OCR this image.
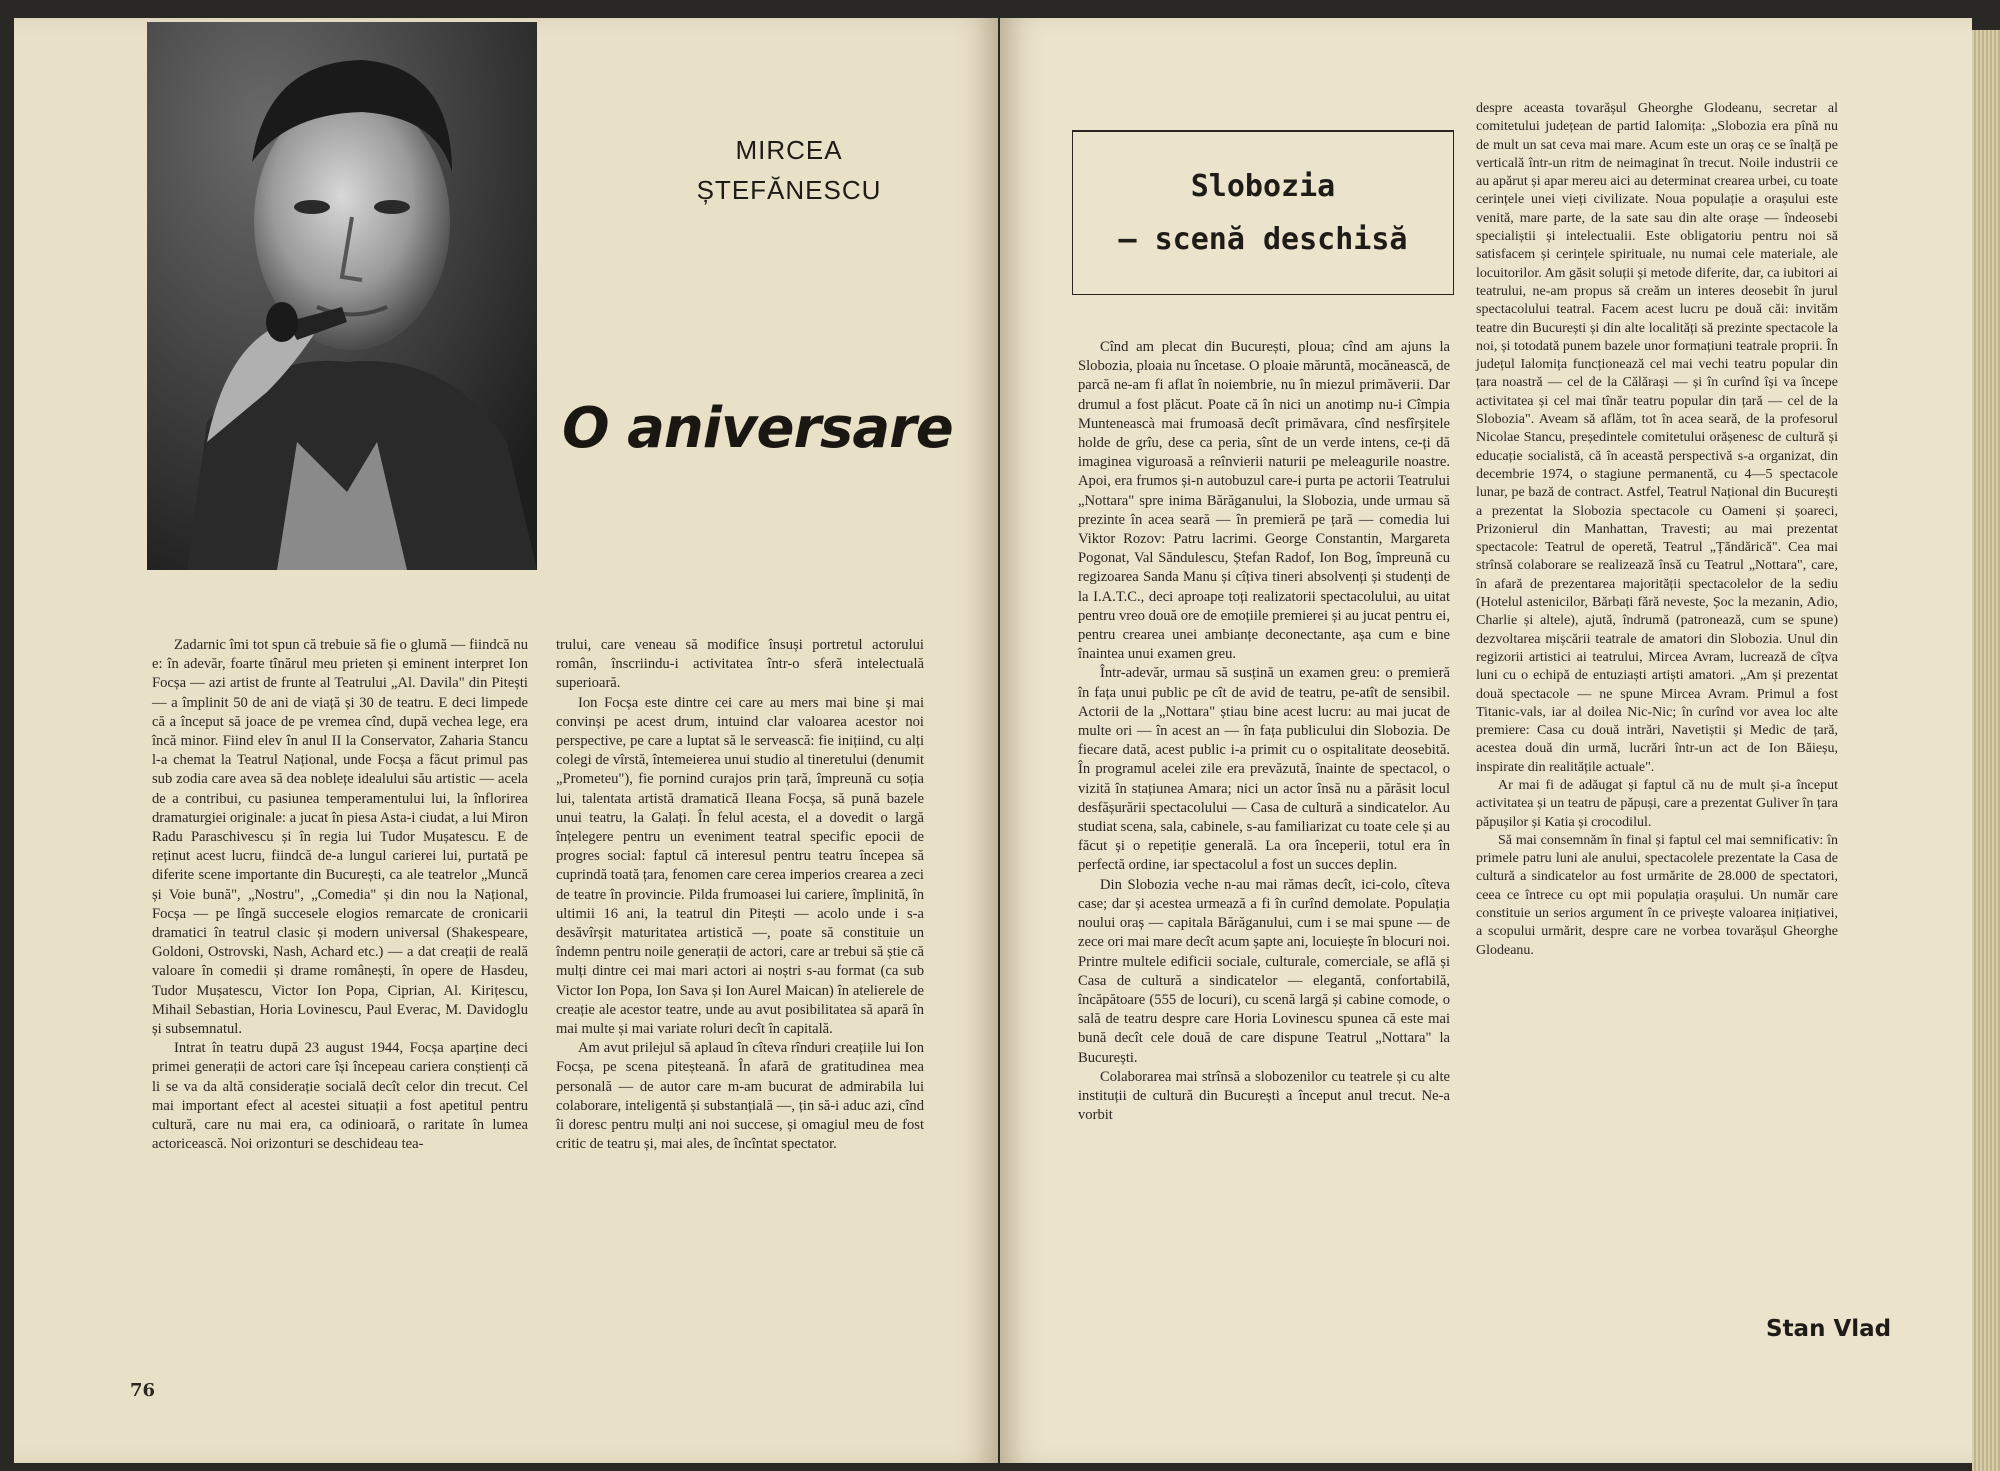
MIRCEA ȘTEFĂNESCU
O aniversare

Zadarnic îmi tot spun că trebuie să fie o glumă — fiindcă nu e: în adevăr, foarte tînărul meu prieten și eminent interpret Ion Focșa — azi artist de frunte al Teatrului „Al. Davila" din Pitești — a împlinit 50 de ani de viață și 30 de teatru. E deci limpede că a început să joace de pe vremea cînd, după vechea lege, era încă minor. Fiind elev în anul II la Conservator, Zaharia Stancu l-a chemat la Teatrul Național, unde Focșa a făcut primul pas sub zodia care avea să dea noblețe idealului său artistic — acela de a contribui, cu pasiunea temperamentului lui, la înflorirea dramaturgiei originale: a jucat în piesa Asta-i ciudat, a lui Miron Radu Paraschivescu și în regia lui Tudor Mușatescu. E de reținut acest lucru, fiindcă de-a lungul carierei lui, purtată pe diferite scene importante din București, ca ale teatrelor „Muncă și Voie bună", „Nostru", „Comedia" și din nou la Național, Focșa — pe lîngă succesele elogios remarcate de cronicarii dramatici în teatrul clasic și modern universal (Shakespeare, Goldoni, Ostrovski, Nash, Achard etc.) — a dat creații de reală valoare în comedii și drame românești, în opere de Hasdeu, Tudor Mușatescu, Victor Ion Popa, Ciprian, Al. Kirițescu, Mihail Sebastian, Horia Lovinescu, Paul Everac, M. Davidoglu și subsemnatul.

Intrat în teatru după 23 august 1944, Focșa aparține deci primei generații de actori care își începeau cariera conștienți că li se va da altă considerație socială decît celor din trecut. Cel mai important efect al acestei situații a fost apetitul pentru cultură, care nu mai era, ca odinioară, o raritate în lumea actoricească. Noi orizonturi se deschideau tea-

trului, care veneau să modifice însuși portretul actorului român, înscriindu-i activitatea într-o sferă intelectuală superioară.

Ion Focșa este dintre cei care au mers mai bine și mai convinși pe acest drum, intuind clar valoarea acestor noi perspective, pe care a luptat să le servească: fie inițiind, cu alți colegi de vîrstă, întemeierea unui studio al tineretului (denumit „Prometeu"), fie pornind curajos prin țară, împreună cu soția lui, talentata artistă dramatică Ileana Focșa, să pună bazele unui teatru, la Galați. În felul acesta, el a dovedit o largă înțelegere pentru un eveniment teatral specific epocii de progres social: faptul că interesul pentru teatru începea să cuprindă toată țara, fenomen care cerea imperios crearea a zeci de teatre în provincie. Pilda frumoasei lui cariere, împlinită, în ultimii 16 ani, la teatrul din Pitești — acolo unde i s-a desăvîrșit maturitatea artistică —, poate să constituie un îndemn pentru noile generații de actori, care ar trebui să știe că mulți dintre cei mai mari actori ai noștri s-au format (ca sub Victor Ion Popa, Ion Sava și Ion Aurel Maican) în atelierele de creație ale acestor teatre, unde au avut posibilitatea să apară în mai multe și mai variate roluri decît în capitală.

Am avut prilejul să aplaud în cîteva rînduri creațiile lui Ion Focșa, pe scena piteșteană. În afară de gratitudinea mea personală — de autor care m-am bucurat de admirabila lui colaborare, inteligentă și substanțială —, țin să-i aduc azi, cînd îi doresc pentru mulți ani noi succese, și omagiul meu de fost critic de teatru și, mai ales, de încîntat spectator.

76
Slobozia
— scenă deschisă

Cînd am plecat din București, ploua; cînd am ajuns la Slobozia, ploaia nu încetase. O ploaie măruntă, mocănească, de parcă ne-am fi aflat în noiembrie, nu în miezul primăverii. Dar drumul a fost plăcut. Poate că în nici un anotimp nu-i Cîmpia Munteneascà mai frumoasă decît primăvara, cînd nesfîrșitele holde de grîu, dese ca peria, sînt de un verde intens, ce-ți dă imaginea viguroasă a reînvierii naturii pe meleagurile noastre. Apoi, era frumos și-n autobuzul care-i purta pe actorii Teatrului „Nottara" spre inima Bărăganului, la Slobozia, unde urmau să prezinte în acea seară — în premieră pe țară — comedia lui Viktor Rozov: Patru lacrimi. George Constantin, Margareta Pogonat, Val Săndulescu, Ștefan Radof, Ion Bog, împreună cu regizoarea Sanda Manu și cîțiva tineri absolvenți și studenți de la I.A.T.C., deci aproape toți realizatorii spectacolului, au uitat pentru vreo două ore de emoțiile premierei și au jucat pentru ei, pentru crearea unei ambianțe deconectante, așa cum e bine înaintea unui examen greu.

Într-adevăr, urmau să susțină un examen greu: o premieră în fața unui public pe cît de avid de teatru, pe-atît de sensibil. Actorii de la „Nottara" știau bine acest lucru: au mai jucat de multe ori — în acest an — în fața publicului din Slobozia. De fiecare dată, acest public i-a primit cu o ospitalitate deosebită. În programul acelei zile era prevăzută, înainte de spectacol, o vizită în stațiunea Amara; nici un actor însă nu a părăsit locul desfășurării spectacolului — Casa de cultură a sindicatelor. Au studiat scena, sala, cabinele, s-au familiarizat cu toate cele și au făcut și o repetiție generală. La ora începerii, totul era în perfectă ordine, iar spectacolul a fost un succes deplin.

Din Slobozia veche n-au mai rămas decît, ici-colo, cîteva case; dar și acestea urmează a fi în curînd demolate. Populația noului oraș — capitala Bărăganului, cum i se mai spune — de zece ori mai mare decît acum șapte ani, locuiește în blocuri noi. Printre multele edificii sociale, culturale, comerciale, se află și Casa de cultură a sindicatelor — elegantă, confortabilă, încăpătoare (555 de locuri), cu scenă largă și cabine comode, o sală de teatru despre care Horia Lovinescu spunea că este mai bună decît cele două de care dispune Teatrul „Nottara" la București.

Colaborarea mai strînsă a slobozenilor cu teatrele și cu alte instituții de cultură din București a început anul trecut. Ne-a vorbit

despre aceasta tovarășul Gheorghe Glodeanu, secretar al comitetului județean de partid Ialomița: „Slobozia era pînă nu de mult un sat ceva mai mare. Acum este un oraș ce se înalță pe verticală într-un ritm de neimaginat în trecut. Noile industrii ce au apărut și apar mereu aici au determinat crearea urbei, cu toate cerințele unei vieți civilizate. Noua populație a orașului este venită, mare parte, de la sate sau din alte orașe — îndeosebi specialiștii și intelectualii. Este obligatoriu pentru noi să satisfacem și cerințele spirituale, nu numai cele materiale, ale locuitorilor. Am găsit soluții și metode diferite, dar, ca iubitori ai teatrului, ne-am propus să creăm un interes deosebit în jurul spectacolului teatral. Facem acest lucru pe două căi: invităm teatre din București și din alte localități să prezinte spectacole la noi, și totodată punem bazele unor formațiuni teatrale proprii. În județul Ialomița funcționează cel mai vechi teatru popular din țara noastră — cel de la Călărași — și în curînd își va începe activitatea și cel mai tînăr teatru popular din țară — cel de la Slobozia". Aveam să aflăm, tot în acea seară, de la profesorul Nicolae Stancu, președintele comitetului orășenesc de cultură și educație socialistă, că în această perspectivă s-a organizat, din decembrie 1974, o stagiune permanentă, cu 4—5 spectacole lunar, pe bază de contract. Astfel, Teatrul Național din București a prezentat la Slobozia spectacole cu Oameni și șoareci, Prizonierul din Manhattan, Travesti; au mai prezentat spectacole: Teatrul de operetă, Teatrul „Țăndărică". Cea mai strînsă colaborare se realizează însă cu Teatrul „Nottara", care, în afară de prezentarea majorității spectacolelor de la sediu (Hotelul astenicilor, Bărbați fără neveste, Șoc la mezanin, Adio, Charlie și altele), ajută, îndrumă (patronează, cum se spune) dezvoltarea mișcării teatrale de amatori din Slobozia. Unul din regizorii artistici ai teatrului, Mircea Avram, lucrează de cîțva luni cu o echipă de entuziaști artiști amatori. „Am și prezentat două spectacole — ne spune Mircea Avram. Primul a fost Titanic-vals, iar al doilea Nic-Nic; în curînd vor avea loc alte premiere: Casa cu două intrări, Navetiștii și Medic de țară, acestea două din urmă, lucrări într-un act de Ion Băieșu, inspirate din realitățile actuale".

Ar mai fi de adăugat și faptul că nu de mult și-a început activitatea și un teatru de păpuși, care a prezentat Guliver în țara păpușilor și Katia și crocodilul.

Să mai consemnăm în final și faptul cel mai semnificativ: în primele patru luni ale anului, spectacolele prezentate la Casa de cultură a sindicatelor au fost urmărite de 28.000 de spectatori, ceea ce întrece cu opt mii populația orașului. Un număr care constituie un serios argument în ce privește valoarea inițiativei, a scopului urmărit, despre care ne vorbea tovarășul Gheorghe Glodeanu.

Stan Vlad
